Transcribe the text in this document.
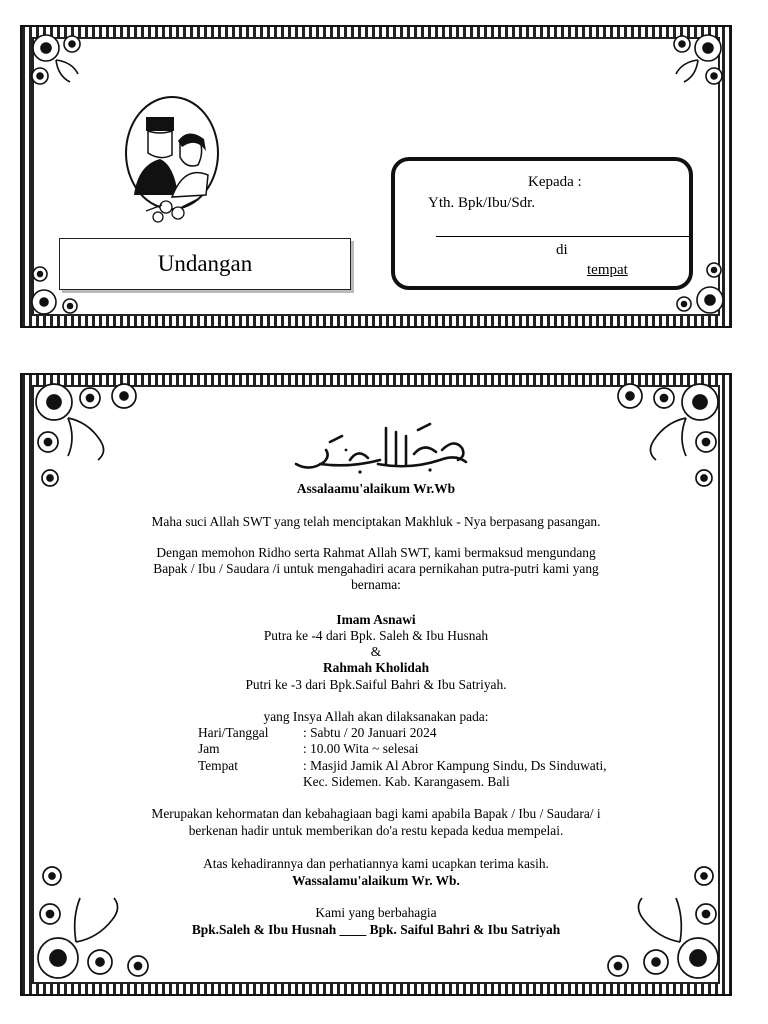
Undangan
Kepada :
Yth. Bpk/Ibu/Sdr.
di
tempat
Assalaamu'alaikum Wr.Wb
Maha suci Allah SWT yang telah menciptakan Makhluk - Nya berpasang pasangan.
Dengan memohon Ridho serta Rahmat Allah SWT, kami bermaksud mengundang
Bapak / Ibu / Saudara /i untuk mengahadiri acara pernikahan putra-putri kami yang
bernama:
Imam Asnawi
Putra ke -4 dari Bpk. Saleh & Ibu Husnah
&
Rahmah Kholidah
Putri ke -3 dari Bpk.Saiful Bahri & Ibu Satriyah.
yang Insya Allah akan dilaksanakan pada:
Hari/Tanggal	: Sabtu / 20 Januari 2024
Jam	: 10.00 Wita ~ selesai
Tempat	: Masjid Jamik Al Abror Kampung Sindu, Ds Sinduwati,
Kec. Sidemen. Kab. Karangasem. Bali
Merupakan kehormatan dan kebahagiaan bagi kami apabila Bapak / Ibu / Saudara/ i
berkenan hadir untuk memberikan do'a restu kepada kedua mempelai.
Atas kehadirannya dan perhatiannya kami ucapkan terima kasih.
Wassalamu'alaikum Wr. Wb.
Kami yang berbahagia
Bpk.Saleh & Ibu Husnah ____ Bpk. Saiful Bahri & Ibu Satriyah
